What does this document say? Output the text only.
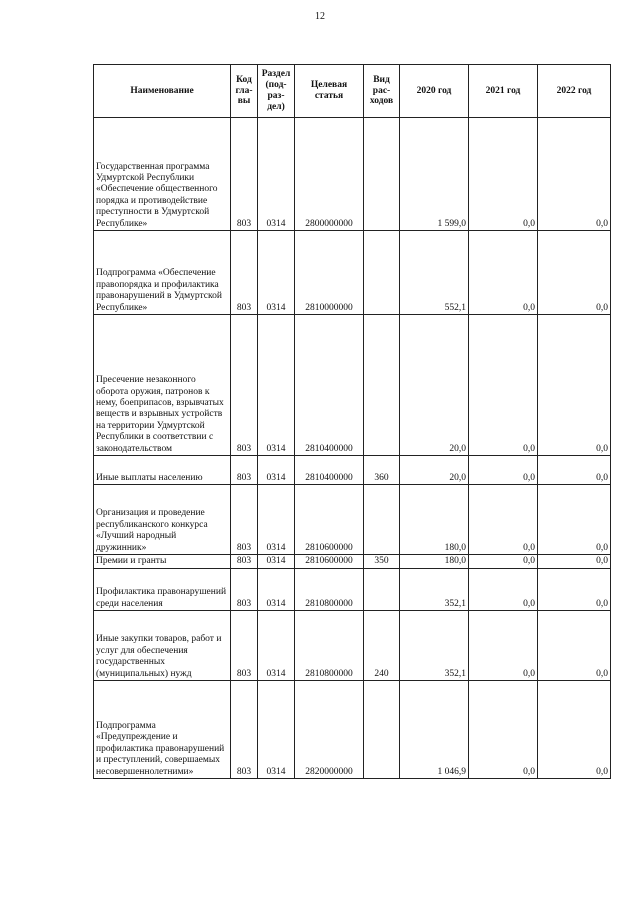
12
Наименование	Код
гла-
вы	Раздел
(под-
раз-
дел)	Целевая
статья	Вид
рас-
ходов	2020 год	2021 год	2022 год
Государственная программа Удмуртской Республики «Обеспечение общественного порядка и противодействие преступности в Удмуртской Республике»	803	0314	2800000000		1 599,0	0,0	0,0
Подпрограмма «Обеспечение правопорядка и профилактика правонарушений в Удмуртской Республике»	803	0314	2810000000		552,1	0,0	0,0
Пресечение незаконного оборота оружия, патронов к нему, боеприпасов, взрывчатых веществ и взрывных устройств на территории Удмуртской Республики в соответствии с законодательством	803	0314	2810400000		20,0	0,0	0,0
Иные выплаты населению	803	0314	2810400000	360	20,0	0,0	0,0
Организация и проведение республиканского конкурса «Лучший народный дружинник»	803	0314	2810600000		180,0	0,0	0,0
Премии и гранты	803	0314	2810600000	350	180,0	0,0	0,0
Профилактика правонарушений среди населения	803	0314	2810800000		352,1	0,0	0,0
Иные закупки товаров, работ и услуг для обеспечения государственных (муниципальных) нужд	803	0314	2810800000	240	352,1	0,0	0,0
Подпрограмма «Предупреждение и профилактика правонарушений и преступлений, совершаемых несовершеннолетними»	803	0314	2820000000		1 046,9	0,0	0,0
